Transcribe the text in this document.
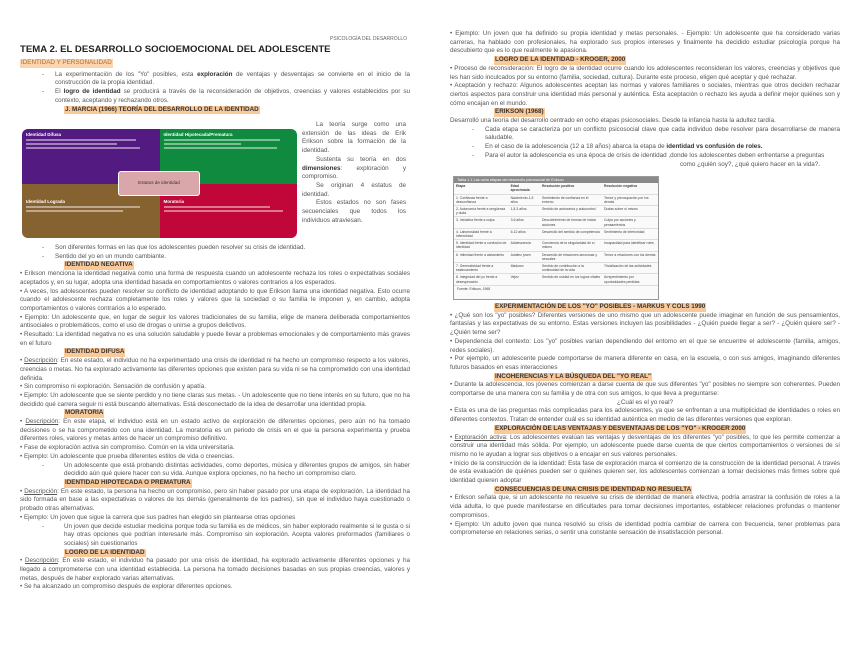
PSICOLOGÍA DEL DESARROLLO
TEMA 2. EL DESARROLLO SOCIOEMOCIONAL DEL ADOLESCENTE
IDENTIDAD Y PERSONALIDAD

- La experimentación de los "Yo" posibles, esta exploración de ventajas y desventajas se convierte en el inicio de la construcción de la propia identidad.

- El logro de identidad se producirá a través de la reconsideración de objetivos, creencias y valores establecidos por su contexto, aceptando y rechazando otros.

J. MARCIA (1966) TEORÍA DEL DESARROLLO DE LA IDENTIDAD

Identidad Difusa	Identidad Hipotecada/Prematura
Identidad Lograda	Moratoria
Estatus de identidad

La teoría surge como una extensión de las ideas de Erik Erikson sobre la formación de la identidad.

Sustenta su teoría en dos dimensiones: exploración y compromiso.

Se originan 4 estatus de identidad.

Estos estados no son fases secuenciales que todos los individuos atraviesan.

- Son diferentes formas en las que los adolescentes pueden resolver su crisis de identidad.

- Sentido del yo en un mundo cambiante.

IDENTIDAD NEGATIVA

• Erikson menciona la identidad negativa como una forma de respuesta cuando un adolescente rechaza los roles o expectativas sociales aceptados y, en su lugar, adopta una identidad basada en comportamientos o valores contrarios a los esperados.

• A veces, los adolescentes pueden resolver su conflicto de identidad adoptando lo que Erikson llama una identidad negativa. Esto ocurre cuando el adolescente rechaza completamente los roles y valores que la sociedad o su familia le imponen y, en cambio, adopta comportamientos o valores contrarios a lo esperado.

• Ejemplo: Un adolescente que, en lugar de seguir los valores tradicionales de su familia, elige de manera deliberada comportamientos antisociales o problemáticos, como el uso de drogas o unirse a grupos delictivos.

• Resultado: La identidad negativa no es una solución saludable y puede llevar a problemas emocionales y de comportamiento más graves en el futuro

IDENTIDAD DIFUSA

• Descripción: En este estado, el individuo no ha experimentado una crisis de identidad ni ha hecho un compromiso respecto a los valores, creencias o metas. No ha explorado activamente las diferentes opciones que existen para su vida ni se ha comprometido con una identidad definida.

• Sin compromiso ni exploración. Sensación de confusión y apatía.

• Ejemplo: Un adolescente que se siente perdido y no tiene claras sus metas. - Un adolescente que no tiene interés en su futuro, que no ha decidido qué carrera seguir ni está buscando alternativas. Está desconectado de la idea de desarrollar una identidad propia.

MORATORIA

• Descripción: En este etapa, el individuo está en un estado activo de exploración de diferentes opciones, pero aún no ha tomado decisiones o se ha comprometido con una identidad. La moratoria es un periodo de crisis en el que la persona experimenta y prueba diferentes roles, valores y metas antes de hacer un compromiso definitivo.

• Fase de exploración activa sin compromiso. Común en la vida universitaria.

• Ejemplo: Un adolescente que prueba diferentes estilos de vida o creencias.

- Un adolescente que está probando distintas actividades, como deportes, música y diferentes grupos de amigos, sin haber decidido aún qué quiere hacer con su vida. Aunque explora opciones, no ha hecho un compromiso claro.

IDENTIDAD HIPOTECADA O PREMATURA

• Descripción: En este estado, la persona ha hecho un compromiso, pero sin haber pasado por una etapa de exploración. La identidad ha sido formada en base a las expectativas o valores de los demás (generalmente de los padres), sin que el individuo haya cuestionado o probado otras alternativas.

• Ejemplo: Un joven que sigue la carrera que sus padres han elegido sin plantearse otras opciones

- Un joven que decide estudiar medicina porque toda su familia es de médicos, sin haber explorado realmente si le gusta o si hay otras opciones que podrían interesarle más. Compromiso sin exploración. Acepta valores preformados (familiares o sociales) sin cuestionarlos

LOGRO DE LA IDENTIDAD

• Descripción: En este estado, el individuo ha pasado por una crisis de identidad, ha explorado activamente diferentes opciones y ha llegado a comprometerse con una identidad establecida. La persona ha tomado decisiones basadas en sus propias creencias, valores y metas, después de haber explorado varias alternativas.

• Se ha alcanzado un compromiso después de explorar diferentes opciones.

• Ejemplo: Un joven que ha definido su propia identidad y metas personales. - Ejemplo: Un adolescente que ha considerado varias carreras, ha hablado con profesionales, ha explorado sus propios intereses y finalmente ha decidido estudiar psicología porque ha descubierto que es lo que realmente le apasiona.

LOGRO DE LA IDENTIDAD - KROGER, 2000

• Proceso de reconsideración: El logro de la identidad ocurre cuando los adolescentes reconsideran los valores, creencias y objetivos que les han sido inculcados por su entorno (familia, sociedad, cultura). Durante este proceso, eligen qué aceptar y qué rechazar.

• Aceptación y rechazo: Algunos adolescentes aceptan las normas y valores familiares o sociales, mientras que otros deciden rechazar ciertos aspectos para construir una identidad más personal y auténtica. Esta aceptación o rechazo les ayuda a definir mejor quiénes son y cómo encajan en el mundo.

ERIKSON (1968)

Desarrolló una teoría del desarrollo centrado en ocho etapas psicosociales. Desde la infancia hasta la adultez tardía.

- Cada etapa se caracteriza por un conflicto psicosocial clave que cada individuo debe resolver para desarrollarse de manera saludable.

- En el caso de la adolescencia (12 a 18 años) abarca la etapa de identidad vs confusión de roles.

- Para el autor la adolescencia es una época de crisis de identidad ,donde los adolescentes deben enfrentarse a preguntas

como ¿quién soy?, ¿qué quiero hacer en la vida?.

Tabla 1.1 Las ocho etapas del desarrollo psicosocial de Erikson
Etapa	Edad aproximada	Resolución positiva	Resolución negativa
1. Confianza frente a desconfianza	Nacimiento-1,5 años	Sentimiento de confianza en el entorno	Temor y preocupación por los demás
2. Autonomía frente a vergüenza y duda	1,5-3 años	Sentido de autonomía y autocontrol	Dudas sobre sí mismo
3. Iniciativa frente a culpa	3-6 años	Descubrimiento de formas de iniciar acciones	Culpa por acciones y pensamientos
4. Laboriosidad frente a inferioridad	6-12 años	Desarrollo del sentido de competencia	Sentimiento de inferioridad
5. Identidad frente a confusión de identidad	Adolescencia	Conciencia de la singularidad de sí mismo	Incapacidad para identificar roles
6. Intimidad frente a aislamiento	Adultez joven	Desarrollo de relaciones amorosas y sexuales	Temor a relaciones con los demás
7. Generatividad frente a estancamiento	Madurez	Sentido de contribución a la continuidad de la vida	Trivialización de las actividades
8. Integridad del yo frente a desesperación	Vejez	Sentido de unidad en los logros vitales	Arrepentimiento por oportunidades perdidas
Fuente: Erikson, 1968

EXPERIMENTACIÓN DE LOS "YO" POSIBLES - MARKUS Y COLS 1990

• ¿Qué son los "yo" posibles? Diferentes versiones de uno mismo que un adolescente puede imaginar en función de sus pensamientos, fantasías y las expectativas de su entorno. Estas versiones incluyen las posibilidades - ¿Quién puede llegar a ser? - ¿Quién quiere ser? - ¿Quién teme ser?

• Dependencia del contexto: Los "yo" posibles varían dependiendo del entorno en el que se encuentre el adolescente (familia, amigos, redes sociales).

• Por ejemplo, un adolescente puede comportarse de manera diferente en casa, en la escuela, o con sus amigos, imaginando diferentes futuros basados en esas interacciones

INCOHERENCIAS Y LA BÚSQUEDA DEL "YO REAL"

• Durante la adolescencia, los jóvenes comienzan a darse cuenta de que sus diferentes "yo" posibles no siempre son coherentes. Pueden comportarse de una manera con su familia y de otra con sus amigos, lo que lleva a preguntarse:

¿Cuál es el yo real?

• Esta es una de las preguntas más complicadas para los adolescentes, ya que se enfrentan a una multiplicidad de identidades o roles en diferentes contextos. Tratan de entender cuál es su identidad auténtica en medio de las diferentes versiones que exploran.

EXPLORACIÓN DE LAS VENTAJAS Y DESVENTAJAS DE LOS "YO" - KROGER 2000

• Exploración activa: Los adolescentes evalúan las ventajas y desventajas de los diferentes "yo" posibles, lo que les permite comenzar a construir una identidad más sólida. Por ejemplo, un adolescente puede darse cuenta de que ciertos comportamientos o versiones de sí mismo no le ayudan a lograr sus objetivos o a encajar en sus valores personales.

• Inicio de la construcción de la identidad: Esta fase de exploración marca el comienzo de la construcción de la identidad personal. A través de esta evaluación de quiénes pueden ser o quiénes quieren ser, los adolescentes comienzan a tomar decisiones más firmes sobre qué identidad quieren adoptar

CONSECUENCIAS DE UNA CRISIS DE IDENTIDAD NO RESUELTA

• Erikson señala que, si un adolescente no resuelve su crisis de identidad de manera efectiva, podría arrastrar la confusión de roles a la vida adulta, lo que puede manifestarse en dificultades para tomar decisiones importantes, establecer relaciones profundas o mantener compromisos.

• Ejemplo: Un adulto joven que nunca resolvió su crisis de identidad podría cambiar de carrera con frecuencia, tener problemas para comprometerse en relaciones serias, o sentir una constante sensación de insatisfacción personal.
